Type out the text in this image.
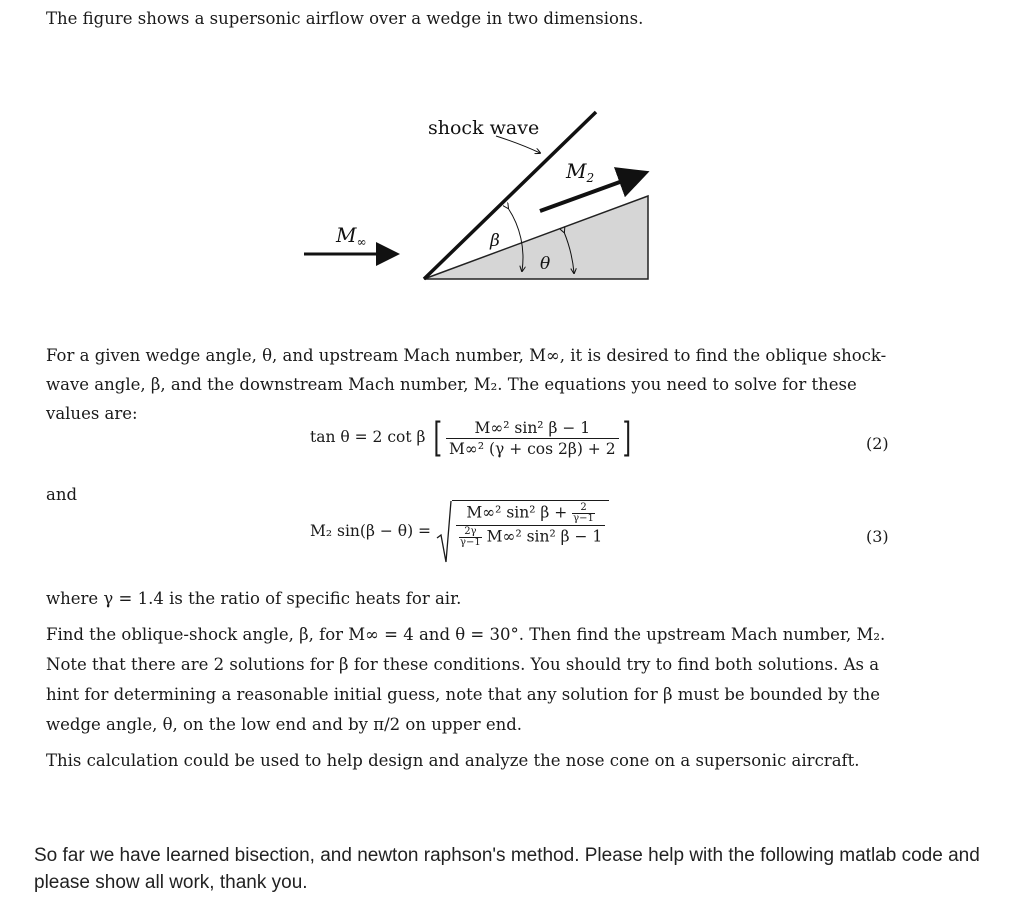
The figure shows a supersonic airflow over a wedge in two dimensions.
shock wave
$M_2$
$M_\infty$	β
θ
For a given wedge angle, θ, and upstream Mach number, M∞, it is desired to find the oblique shock-wave angle, β, and the downstream Mach number, M₂. The equations you need to solve for these values are:
tan θ = 2 cot β [ $\frac{\text{M∞² sin² β − 1}}{\text{M∞² (γ + cos 2β) + 2}}$ ]	(2)
and
M₂ $\sin(\beta - \theta) = \frac{M\infty^2 \sin^2 \beta + \frac{2}{\gamma-1}}{\frac{2\gamma}{\gamma-1} M\infty^2 \sin^2 \beta - 1}$	(3)
where γ = 1.4 is the ratio of specific heats for air.
Find the oblique-shock angle, β, for M∞ = 4 and θ = 30°. Then find the upstream Mach number, M₂. Note that there are 2 solutions for β for these conditions. You should try to find both solutions. As a hint for determining a reasonable initial guess, note that any solution for β must be bounded by the wedge angle, θ, on the low end and by π/2 on upper end.
This calculation could be used to help design and analyze the nose cone on a supersonic aircraft.
So far we have learned bisection, and newton raphson's method. Please help with the following matlab code and please show all work, thank you.
